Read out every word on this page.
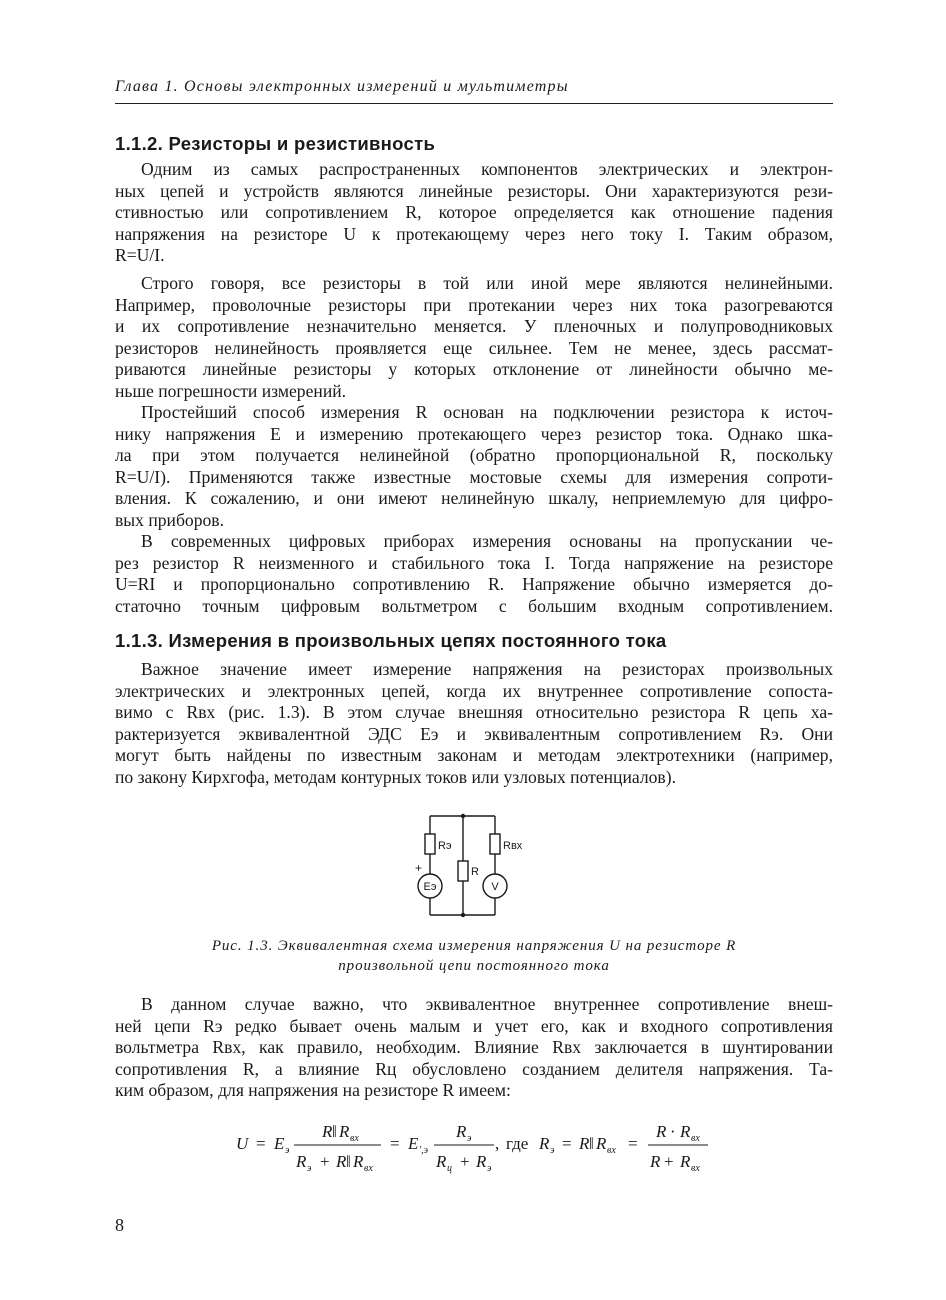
Глава 1. Основы электронных измерений и мультиметры
1.1.2. Резисторы и резистивность
Одним из самых распространенных компонентов электрических и электрон-
ных цепей и устройств являются линейные резисторы. Они характеризуются рези-
стивностью или сопротивлением R, которое определяется как отношение падения
напряжения на резисторе U к протекающему через него току I. Таким образом,
R=U/I.
Строго говоря, все резисторы в той или иной мере являются нелинейными.
Например, проволочные резисторы при протекании через них тока разогреваются
и их сопротивление незначительно меняется. У пленочных и полупроводниковых
резисторов нелинейность проявляется еще сильнее. Тем не менее, здесь рассмат-
риваются линейные резисторы у которых отклонение от линейности обычно ме-
ньше погрешности измерений.
Простейший способ измерения R основан на подключении резистора к источ-
нику напряжения E и измерению протекающего через резистор тока. Однако шка-
ла при этом получается нелинейной (обратно пропорциональной R, поскольку
R=U/I). Применяются также известные мостовые схемы для измерения сопроти-
вления. К сожалению, и они имеют нелинейную шкалу, неприемлемую для цифро-
вых приборов.
В современных цифровых приборах измерения основаны на пропускании че-
рез резистор R неизменного и стабильного тока I. Тогда напряжение на резисторе
U=RI и пропорционально сопротивлению R. Напряжение обычно измеряется до-
статочно точным цифровым вольтметром с большим входным сопротивлением.
1.1.3. Измерения в произвольных цепях постоянного тока
Важное значение имеет измерение напряжения на резисторах произвольных
электрических и электронных цепей, когда их внутреннее сопротивление сопоста-
вимо с Rвх (рис. 1.3). В этом случае внешняя относительно резистора R цепь ха-
рактеризуется эквивалентной ЭДС Eэ и эквивалентным сопротивлением Rэ. Они
могут быть найдены по известным законам и методам электротехники (например,
по закону Кирхгофа, методам контурных токов или узловых потенциалов).
Rэ	Rвх
R
+
Eэ	V
Рис. 1.3. Эквивалентная схема измерения напряжения U на резисторе R
произвольной цепи постоянного тока
В данном случае важно, что эквивалентное внутреннее сопротивление внеш-
ней цепи Rэ редко бывает очень малым и учет его, как и входного сопротивления
вольтметра Rвх, как правило, необходим. Влияние Rвх заключается в шунтировании
сопротивления R, а влияние Rц обусловлено созданием делителя напряжения. Та-
ким образом, для напряжения на резисторе R имеем:
U = E э
R ‖ R вх
R э + R ‖ R вх
= E ',э
R э
R ц + R э
, где R э = R ‖ R вх =
R · R вх
R + R вх
8
